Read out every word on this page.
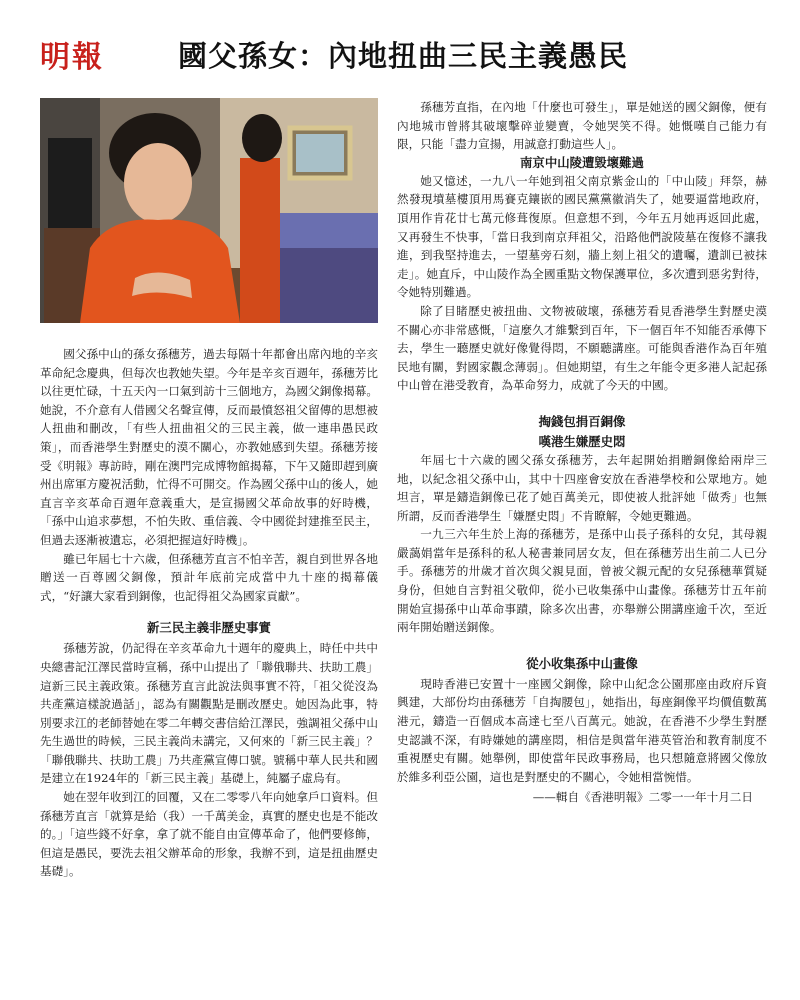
明報	國父孫女：內地扭曲三民主義愚民

國父孫中山的孫女孫穗芳，過去每隔十年都會出席內地的辛亥革命紀念慶典，但每次也教她失望。今年是辛亥百週年，孫穗芳比以往更忙碌，十五天內一口氣到訪十三個地方，為國父銅像揭幕。她說，不介意有人借國父名聲宣傳，反而最憤怒祖父留傳的思想被人扭曲和刪改，「有些人扭曲祖父的三民主義，做一連串愚民政策」，而香港學生對歷史的漠不關心，亦教她感到失望。孫穗芳接受《明報》專訪時，剛在澳門完成博物館揭幕，下午又隨即趕到廣州出席軍方慶祝活動，忙得不可開交。作為國父孫中山的後人，她直言辛亥革命百週年意義重大，是宣揚國父革命故事的好時機，「孫中山追求夢想，不怕失敗、重信義、令中國從封建推至民主，但過去逐漸被遺忘，必須把握這好時機」。

雖已年屆七十六歲，但孫穗芳直言不怕辛苦，親自到世界各地贈送一百尊國父銅像，預計年底前完成當中九十座的揭幕儀式，“好讓大家看到銅像，也記得祖父為國家貢獻”。

新三民主義非歷史事實

孫穗芳說，仍記得在辛亥革命九十週年的慶典上，時任中共中央總書記江澤民當時宣稱，孫中山提出了「聯俄聯共、扶助工農」這新三民主義政策。孫穗芳直言此說法與事實不符，「祖父從沒為共產黨這樣說過話」，認為有關觀點是刪改歷史。她因為此事，特別要求江的老師替她在零二年轉交書信給江澤民，強調祖父孫中山先生過世的時候，三民主義尚未講完，又何來的「新三民主義」？「聯俄聯共、扶助工農」乃共產黨宣傳口號。號稱中華人民共和國是建立在1924年的「新三民主義」基礎上，純屬子虛烏有。

她在翌年收到江的回覆，又在二零零八年向她拿戶口資料。但孫穗芳直言「就算是給（我）一千萬美金，真實的歷史也是不能改的。」「這些錢不好拿，拿了就不能自由宣傳革命了，他們要修飾，但這是愚民，要洗去祖父辦革命的形象，我辦不到，這是扭曲歷史基礎」。

孫穗芳直指，在內地「什麼也可發生」，單是她送的國父銅像，便有內地城市曾將其破壞擊碎並變賣，令她哭笑不得。她慨嘆自己能力有限，只能「盡力宣揚，用誠意打動這些人」。

南京中山陵遭毀壞難過

她又憶述，一九八一年她到祖父南京紫金山的「中山陵」拜祭，赫然發現墳墓樓頂用馬賽克鑲嵌的國民黨黨徽消失了，她要逼當地政府，頂用作肯花廿七萬元修葺復原。但意想不到，今年五月她再返回此處，又再發生不快事，「當日我到南京拜祖父，沿路他們說陵墓在復修不讓我進，到我堅持進去，一望墓旁石刻，牆上刻上祖父的遺囑，遺訓已被抹走」。她直斥，中山陵作為全國重點文物保護單位，多次遭到惡劣對待，令她特別難過。

除了目睹歷史被扭曲、文物被破壞，孫穗芳看見香港學生對歷史漠不關心亦非常感慨，「這麼久才維繫到百年，下一個百年不知能否承傳下去，學生一聽歷史就好像覺得悶，不願聽講座。可能與香港作為百年殖民地有關，對國家觀念薄弱」。但她期望，有生之年能令更多港人記起孫中山曾在港受教育，為革命努力，成就了今天的中國。

掏錢包捐百銅像
嘆港生嫌歷史悶

年屆七十六歲的國父孫女孫穗芳，去年起開始捐贈銅像給兩岸三地，以紀念祖父孫中山，其中十四座會安放在香港學校和公眾地方。她坦言，單是鑄造銅像已花了她百萬美元，即使被人批評她「做秀」也無所謂，反而香港學生「嫌歷史悶」不肯瞭解，令她更難過。

一九三六年生於上海的孫穗芳，是孫中山長子孫科的女兒，其母親嚴藹娟當年是孫科的私人秘書兼同居女友，但在孫穗芳出生前二人已分手。孫穗芳的卅歲才首次與父親見面，曾被父親元配的女兒孫穗華質疑身份，但她自言對祖父敬仰，從小已收集孫中山畫像。孫穗芳廿五年前開始宣揚孫中山革命事蹟，除多次出書，亦舉辦公開講座逾千次，至近兩年開始贈送銅像。

從小收集孫中山畫像

現時香港已安置十一座國父銅像，除中山紀念公園那座由政府斥資興建，大部份均由孫穗芳「自掏腰包」，她指出，每座銅像平均價值數萬港元，鑄造一百個成本高達七至八百萬元。她說，在香港不少學生對歷史認識不深，有時嫌她的講座悶，相信是與當年港英管治和教育制度不重視歷史有關。她舉例，即使當年民政事務局，也只想隨意將國父像放於維多利亞公園，這也是對歷史的不關心，令她相當惋惜。

——輯自《香港明報》二零一一年十月二日
